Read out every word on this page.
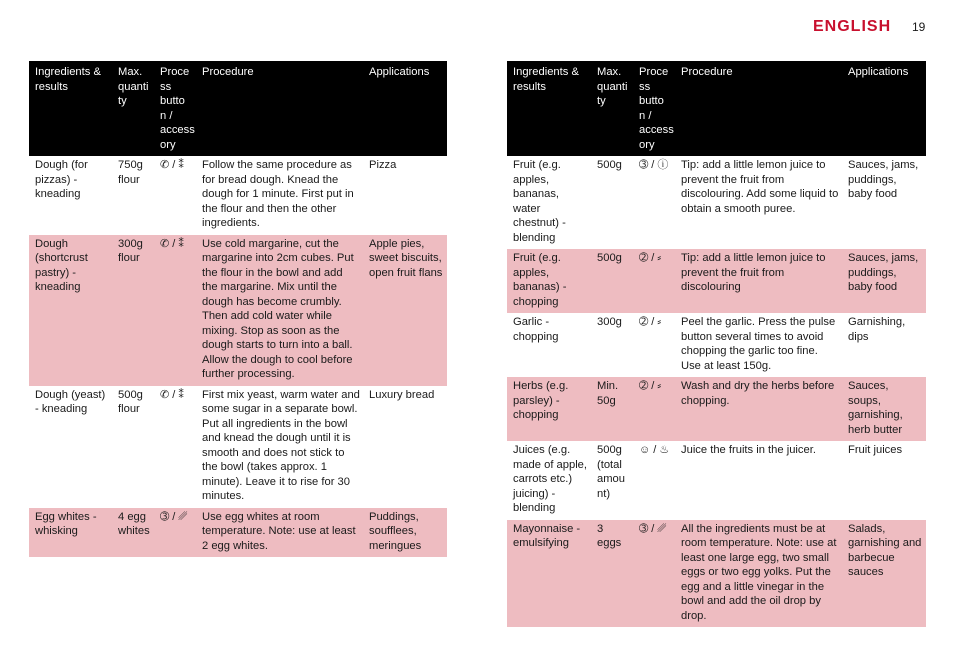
ENGLISH 19
Ingredients & results	Max. quanti ty	Proce ss butto n / access ory	Procedure	Applications
Dough (for pizzas) - kneading	750g flour	✆ / ⁑	Follow the same procedure as for bread dough. Knead the dough for 1 minute. First put in the flour and then the other ingredients.	Pizza
Dough (shortcrust pastry) - kneading	300g flour	✆ / ⁑	Use cold margarine, cut the margarine into 2cm cubes. Put the flour in the bowl and add the margarine. Mix until the dough has become crumbly. Then add cold water while mixing. Stop as soon as the dough starts to turn into a ball. Allow the dough to cool before further processing.	Apple pies, sweet biscuits, open fruit flans
Dough (yeast) - kneading	500g flour	✆ / ⁑	First mix yeast, warm water and some sugar in a separate bowl. Put all ingredients in the bowl and knead the dough until it is smooth and does not stick to the bowl (takes approx. 1 minute). Leave it to rise for 30 minutes.	Luxury bread
Egg whites - whisking	4 egg whites	➂ / ␥	Use egg whites at room temperature. Note: use at least 2 egg whites.	Puddings, soufflees, meringues
Ingredients & results	Max. quanti ty	Proce ss butto n / access ory	Procedure	Applications
Fruit (e.g. apples, bananas, water chestnut) - blending	500g	➂ / ⓘ	Tip: add a little lemon juice to prevent the fruit from discolouring. Add some liquid to obtain a smooth puree.	Sauces, jams, puddings, baby food
Fruit (e.g. apples, bananas) - chopping	500g	➁ / ⸗	Tip: add a little lemon juice to prevent the fruit from discolouring	Sauces, jams, puddings, baby food
Garlic - chopping	300g	➁ / ⸗	Peel the garlic. Press the pulse button several times to avoid chopping the garlic too fine. Use at least 150g.	Garnishing, dips
Herbs (e.g. parsley) - chopping	Min. 50g	➁ / ⸗	Wash and dry the herbs before chopping.	Sauces, soups, garnishing, herb butter
Juices (e.g. made of apple, carrots etc.) juicing) - blending	500g (total amou nt)	☺ / ♨	Juice the fruits in the juicer.	Fruit juices
Mayonnaise - emulsifying	3 eggs	➂ / ␥	All the ingredients must be at room temperature. Note: use at least one large egg, two small eggs or two egg yolks. Put the egg and a little vinegar in the bowl and add the oil drop by drop.	Salads, garnishing and barbecue sauces
